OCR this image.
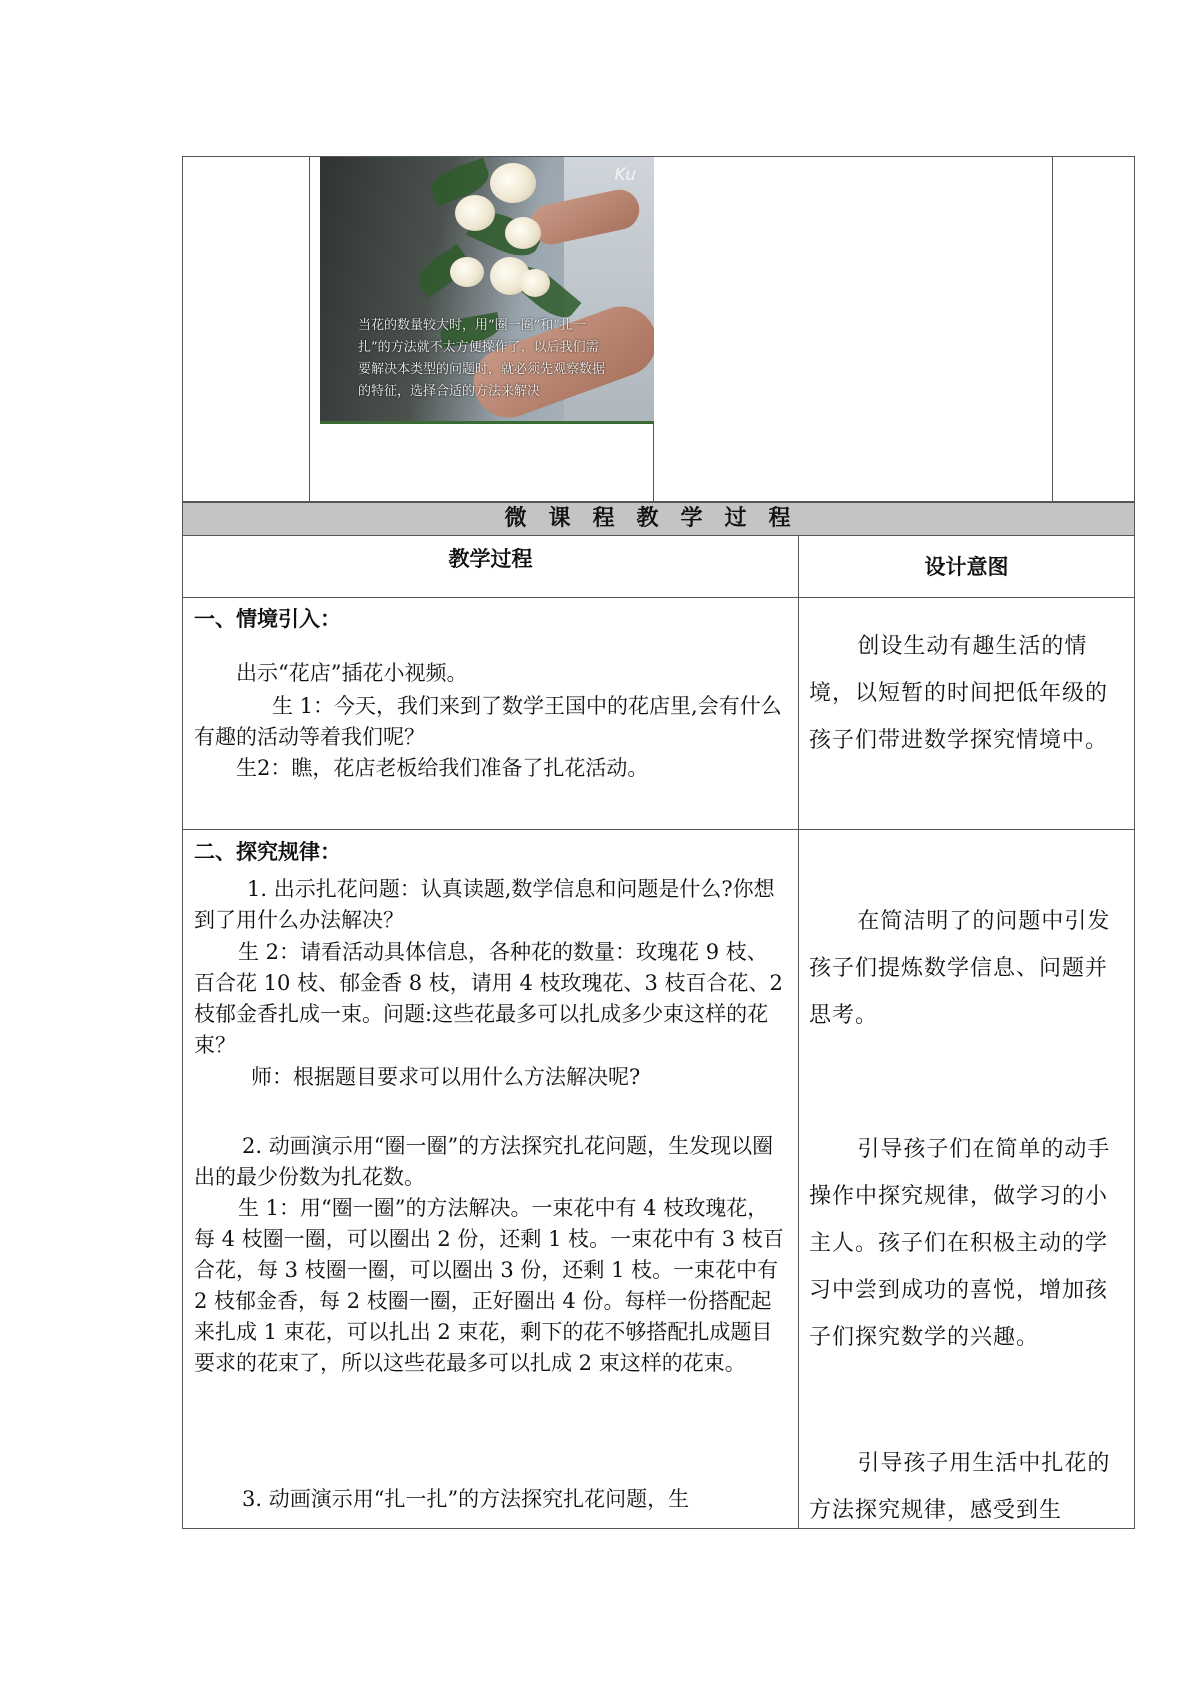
Ku
当花的数量较大时，用“圈一圈”和“扎一扎”的方法就不太方便操作了，以后我们需要解决本类型的问题时，就必须先观察数据的特征，选择合适的方法来解决
微课程教学过程
教学过程	设计意图
一、情境引入：
出示“花店”插花小视频。
生 1：今天，我们来到了数学王国中的花店里,会有什么有趣的活动等着我们呢？
生2：瞧，花店老板给我们准备了扎花活动。
创设生动有趣生活的情境，以短暂的时间把低年级的孩子们带进数学探究情境中。
二、探究规律：
1. 出示扎花问题：认真读题,数学信息和问题是什么?你想到了用什么办法解决？
生 2：请看活动具体信息，各种花的数量：玫瑰花 9 枝、百合花 10 枝、郁金香 8 枝，请用 4 枝玫瑰花、3 枝百合花、2 枝郁金香扎成一束。问题:这些花最多可以扎成多少束这样的花束？
师：根据题目要求可以用什么方法解决呢?
2. 动画演示用“圈一圈”的方法探究扎花问题，生发现以圈出的最少份数为扎花数。
生 1：用“圈一圈”的方法解决。一束花中有 4 枝玫瑰花，每 4 枝圈一圈，可以圈出 2 份，还剩 1 枝。一束花中有 3 枝百合花，每 3 枝圈一圈，可以圈出 3 份，还剩 1 枝。一束花中有 2 枝郁金香，每 2 枝圈一圈，正好圈出 4 份。每样一份搭配起来扎成 1 束花，可以扎出 2 束花，剩下的花不够搭配扎成题目要求的花束了，所以这些花最多可以扎成 2 束这样的花束。
3. 动画演示用“扎一扎”的方法探究扎花问题，生
在简洁明了的问题中引发孩子们提炼数学信息、问题并思考。
引导孩子们在简单的动手操作中探究规律，做学习的小主人。孩子们在积极主动的学习中尝到成功的喜悦，增加孩子们探究数学的兴趣。
引导孩子用生活中扎花的方法探究规律，感受到生
